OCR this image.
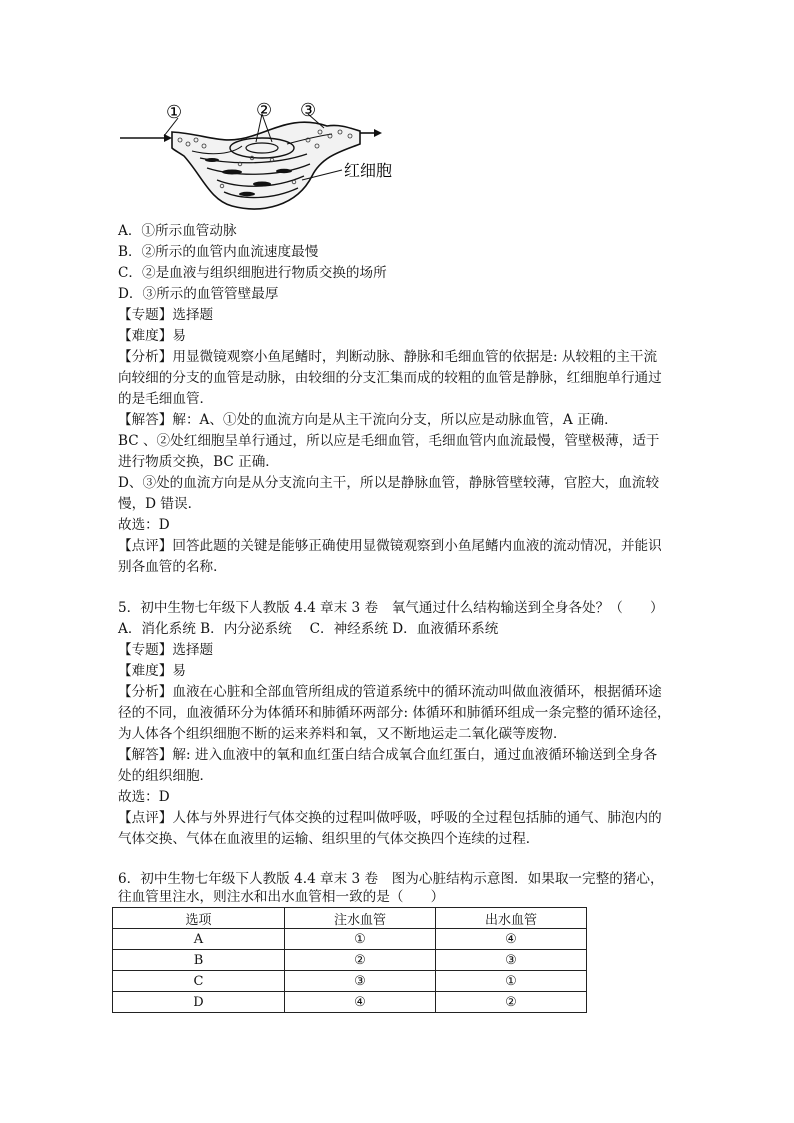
①	② ③
红细胞
A．①所示血管动脉
B．②所示的血管内血流速度最慢
C．②是血液与组织细胞进行物质交换的场所
D．③所示的血管管壁最厚
【专题】选择题
【难度】易
【分析】用显微镜观察小鱼尾鳍时，判断动脉、静脉和毛细血管的依据是: 从较粗的主干流
向较细的分支的血管是动脉，由较细的分支汇集而成的较粗的血管是静脉，红细胞单行通过
的是毛细血管．
【解答】解：A、①处的血流方向是从主干流向分支，所以应是动脉血管，A 正确．
BC 、②处红细胞呈单行通过，所以应是毛细血管，毛细血管内血流最慢，管壁极薄，适于
进行物质交换，BC 正确．
D、③处的血流方向是从分支流向主干，所以是静脉血管，静脉管壁较薄，官腔大，血流较
慢，D 错误．
故选：D
【点评】回答此题的关键是能够正确使用显微镜观察到小鱼尾鳍内血液的流动情况，并能识
别各血管的名称．
5．初中生物七年级下人教版 4.4 章末 3 卷　氧气通过什么结构输送到全身各处？（　　）
A．消化系统 B．内分泌系统　 C．神经系统 D．血液循环系统
【专题】选择题
【难度】易
【分析】血液在心脏和全部血管所组成的管道系统中的循环流动叫做血液循环，根据循环途
径的不同，血液循环分为体循环和肺循环两部分: 体循环和肺循环组成一条完整的循环途径，
为人体各个组织细胞不断的运来养料和氧，又不断地运走二氧化碳等废物．
【解答】解: 进入血液中的氧和血红蛋白结合成氧合血红蛋白，通过血液循环输送到全身各
处的组织细胞．
故选：D
【点评】人体与外界进行气体交换的过程叫做呼吸，呼吸的全过程包括肺的通气、肺泡内的
气体交换、气体在血液里的运输、组织里的气体交换四个连续的过程．
6．初中生物七年级下人教版 4.4 章末 3 卷　图为心脏结构示意图．如果取一完整的猪心，
往血管里注水，则注水和出水血管相一致的是（　　）
选项	注水血管	出水血管
A	①	④
B	②	③
C	③	①
D	④	②
